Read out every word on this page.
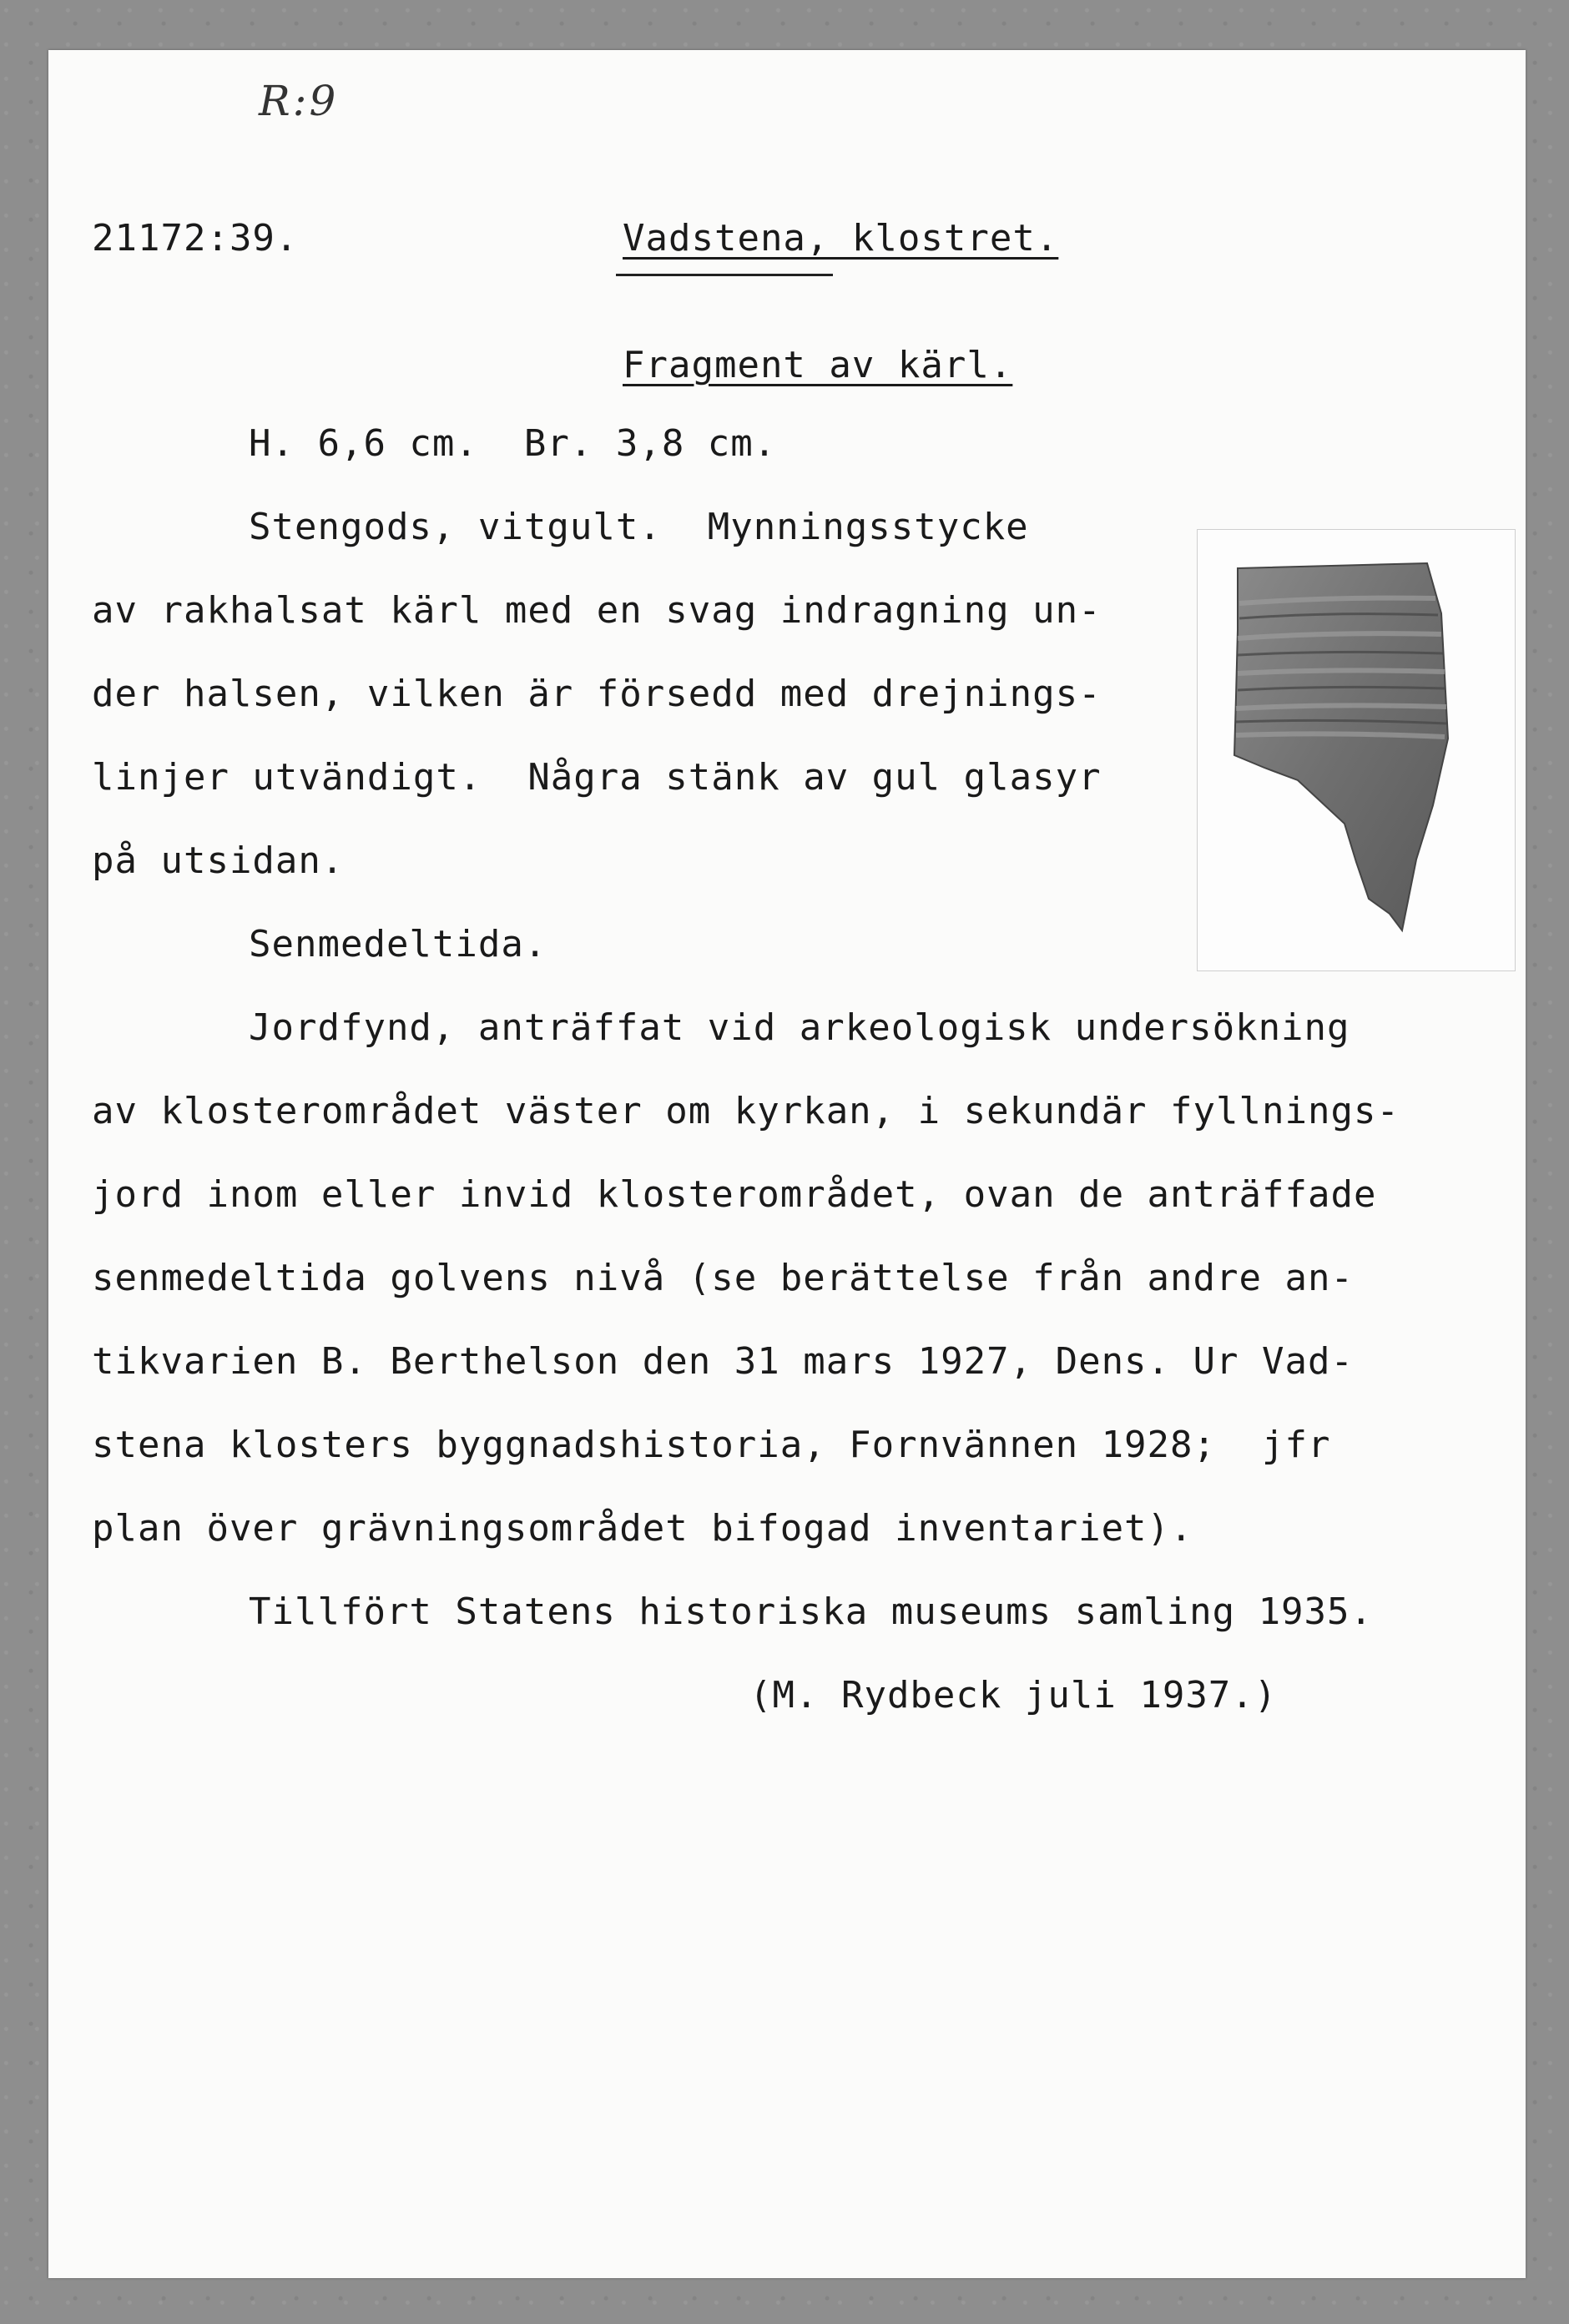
R:9
21172:39.	Vadstena, klostret.
Fragment av kärl.
H. 6,6 cm.  Br. 3,8 cm.
Stengods, vitgult.  Mynningsstycke
av rakhalsat kärl med en svag indragning un-
der halsen, vilken är försedd med drejnings-
linjer utvändigt.  Några stänk av gul glasyr
på utsidan.
Senmedeltida.
Jordfynd, anträffat vid arkeologisk undersökning
av klosterområdet väster om kyrkan, i sekundär fyllnings-
jord inom eller invid klosterområdet, ovan de anträffade
senmedeltida golvens nivå (se berättelse från andre an-
tikvarien B. Berthelson den 31 mars 1927, Dens. Ur Vad-
stena klosters byggnadshistoria, Fornvännen 1928;  jfr
plan över grävningsområdet bifogad inventariet).
Tillfört Statens historiska museums samling 1935.
(M. Rydbeck juli 1937.)
